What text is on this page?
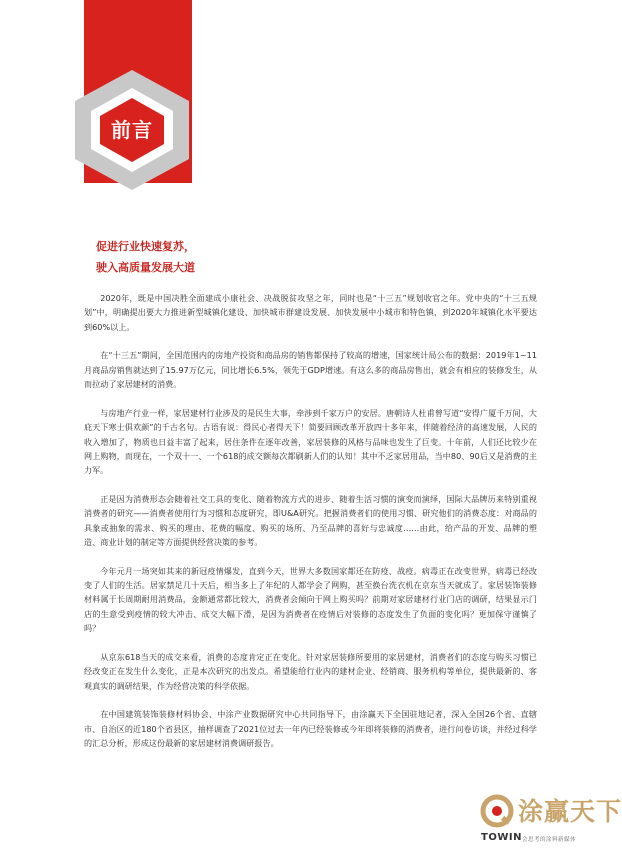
前言
促进行业快速复苏，
驶入高质量发展大道

2020年，既是中国决胜全面建成小康社会、决战脱贫攻坚之年，同时也是“十三五”规划收官之年。党中央的“十三五规划”中，明确提出要大力推进新型城镇化建设、加快城市群建设发展、加快发展中小城市和特色镇，到2020年城镇化水平要达到60%以上。

在“十三五”期间，全国范围内的房地产投资和商品房的销售都保持了较高的增速，国家统计局公布的数据：2019年1~11月商品房销售就达到了15.97万亿元，同比增长6.5%，领先于GDP增速。有这么多的商品房售出，就会有相应的装修发生，从而拉动了家居建材的消费。

与房地产行业一样，家居建材行业涉及的是民生大事，牵涉到千家万户的安居。唐朝诗人杜甫曾写道“安得广厦千万间，大庇天下寒士俱欢颜”的千古名句。古语有说：得民心者得天下！简要回顾改革开放四十多年来，伴随着经济的高速发展，人民的收入增加了，物质也日益丰富了起来，居住条件在逐年改善，家居装修的风格与品味也发生了巨变。十年前，人们还比较少在网上购物，而现在，一个双十一、一个618的成交额每次都刷新人们的认知！其中不乏家居用品，当中80、90后又是消费的主力军。

正是因为消费形态会随着社交工具的变化、随着物流方式的进步、随着生活习惯的演变而演绎，国际大品牌历来特别重视消费者的研究——消费者使用行为习惯和态度研究，即U&A研究。把握消费者们的使用习惯、研究他们的消费态度：对商品的具象或抽象的需求、购买的理由、花费的幅度、购买的场所、乃至品牌的喜好与忠诚度……由此，给产品的开发、品牌的塑造、商业计划的制定等方面提供经营决策的参考。

今年元月一场突如其来的新冠疫情爆发，直到今天，世界大多数国家都还在防疫、战疫。病毒正在改变世界，病毒已经改变了人们的生活。居家禁足几十天后，相当多上了年纪的人都学会了网购，甚至换台洗衣机在京东当天就成了。家居装饰装修材料属于长周期耐用消费品，金额通常都比较大，消费者会倾向于网上购买吗？前期对家居建材行业门店的调研，结果显示门店的生意受到疫情的较大冲击、成交大幅下滑，是因为消费者在疫情后对装修的态度发生了负面的变化吗？更加保守谨慎了吗？

从京东618当天的成交来看，消费的态度肯定正在变化。针对家居装修所要用的家居建材，消费者们的态度与购买习惯已经改变正在发生什么变化，正是本次研究的出发点。希望能给行业内的建材企业、经销商、服务机构等单位，提供最新的、客观真实的调研结果，作为经营决策的科学依据。

在中国建筑装饰装修材料协会、中涂产业数据研究中心共同指导下，由涂赢天下全国驻地记者，深入全国26个省、直辖市、自治区的近180个省县区，抽样调查了2021位过去一年内已经装修或今年即将装修的消费者，进行问卷访谈，并经过科学的汇总分析，形成这份最新的家居建材消费调研报告。

涂赢天下
TOWIN 会思考的涂料新媒体
